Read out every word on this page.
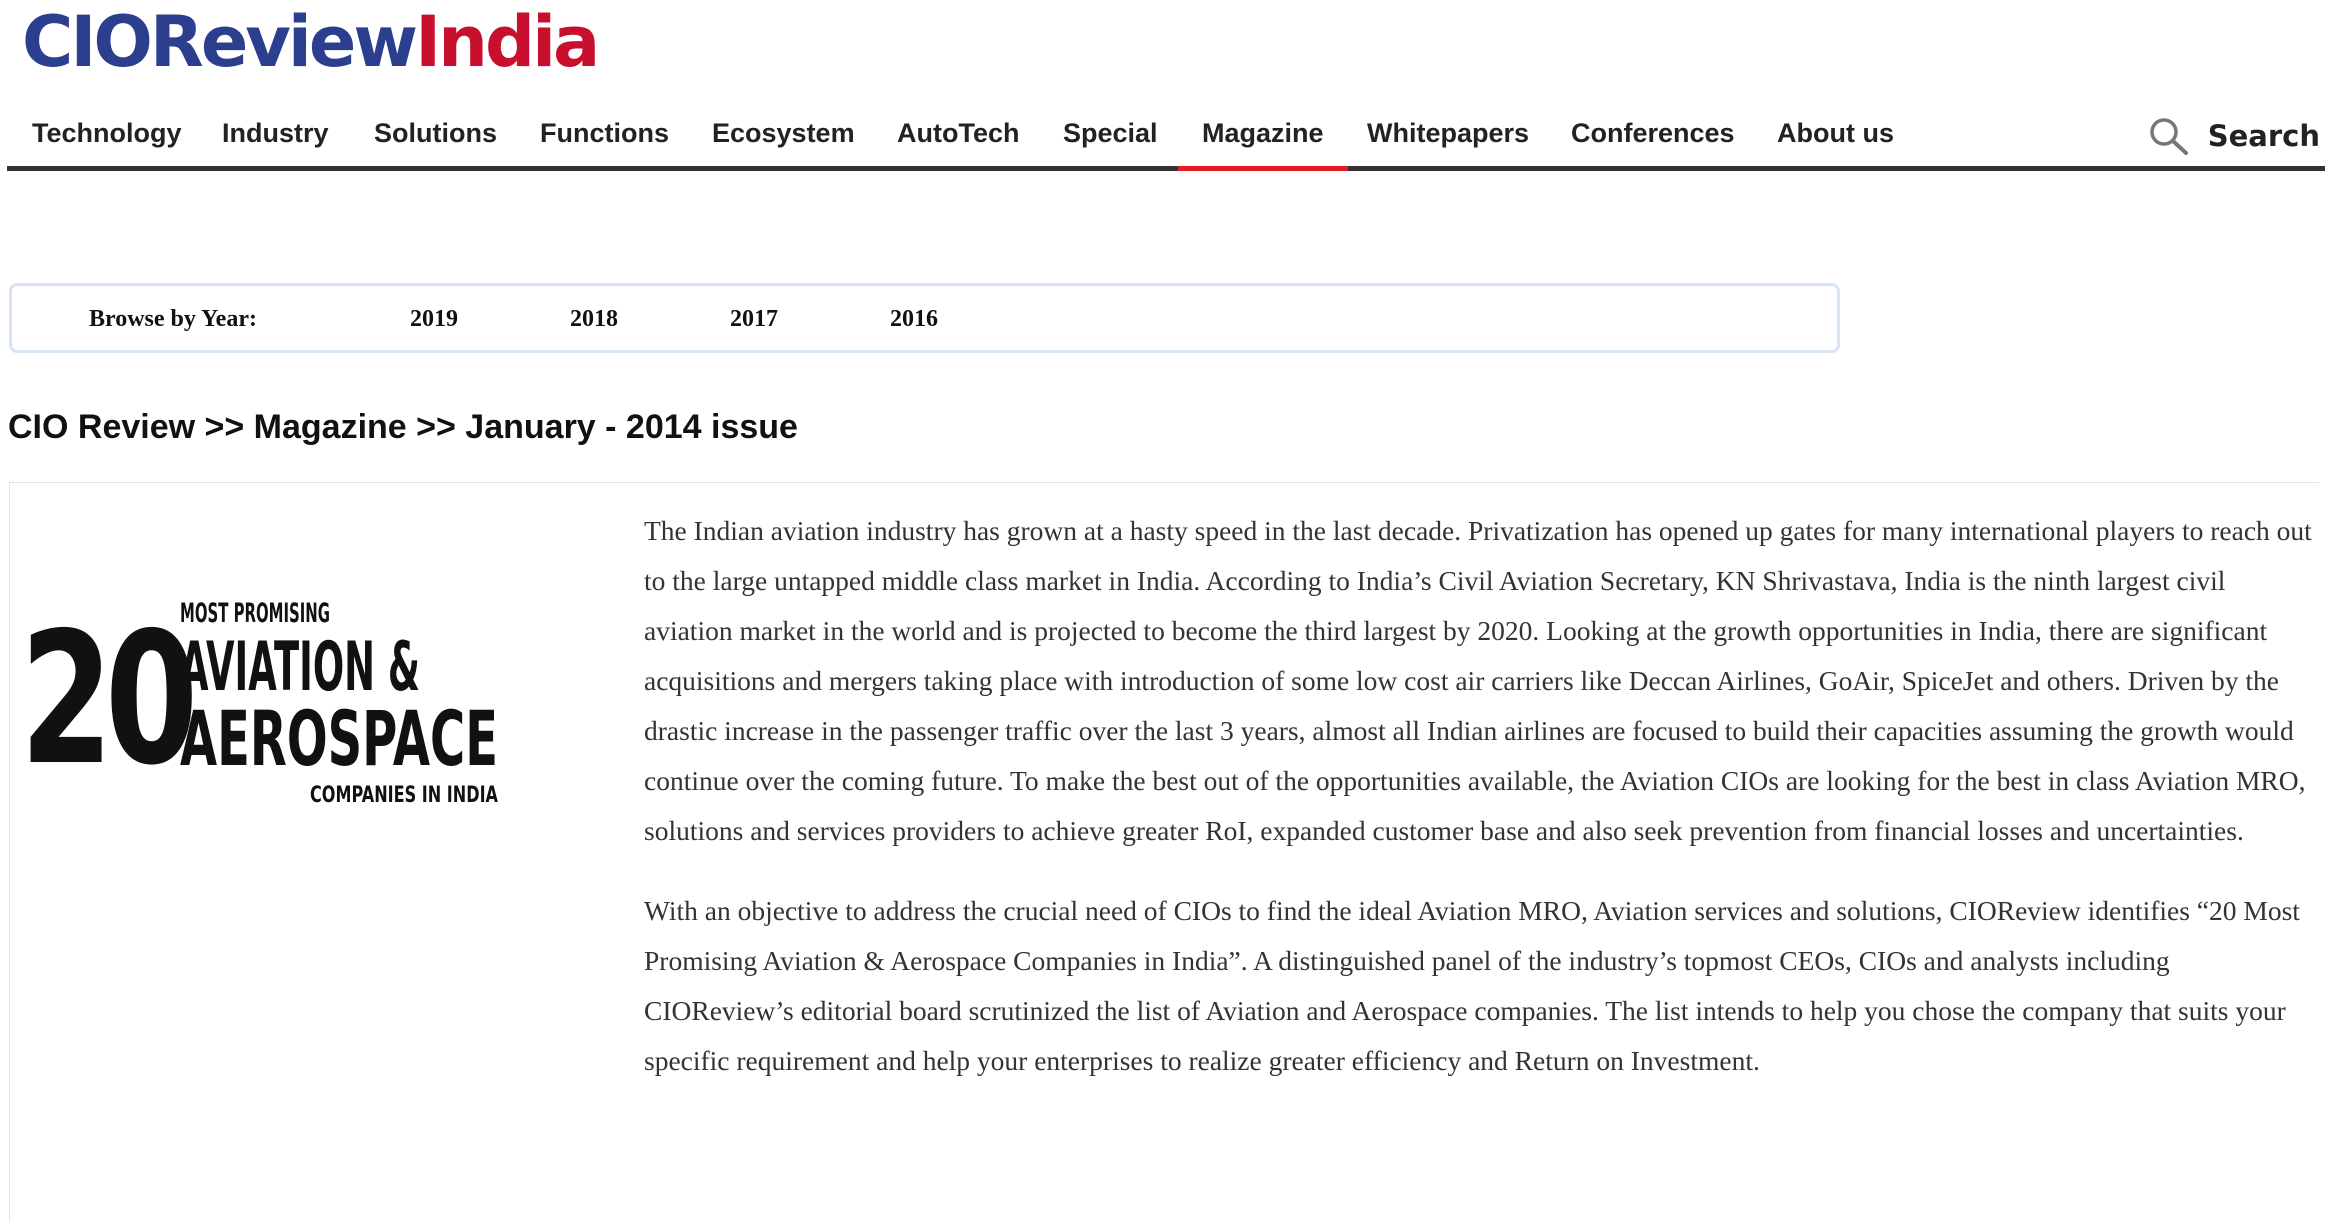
CIOReviewIndia
Technology Industry Solutions Functions Ecosystem AutoTech Special Magazine Whitepapers Conferences About us	Search
Browse by Year:	2019	2018	2017	2016
CIO Review >> Magazine >> January - 2014 issue
20
MOST PROMISING
AVIATION &
AEROSPACE
COMPANIES IN INDIA

The Indian aviation industry has grown at a hasty speed in the last decade. Privatization has opened up gates for many international players to reach out to the large untapped middle class market in India. According to India’s Civil Aviation Secretary, KN Shrivastava, India is the ninth largest civil aviation market in the world and is projected to become the third largest by 2020. Looking at the growth opportunities in India, there are significant acquisitions and mergers taking place with introduction of some low cost air carriers like Deccan Airlines, GoAir, SpiceJet and others. Driven by the drastic increase in the passenger traffic over the last 3 years, almost all Indian airlines are focused to build their capacities assuming the growth would continue over the coming future. To make the best out of the opportunities available, the Aviation CIOs are looking for the best in class Aviation MRO, solutions and services providers to achieve greater RoI, expanded customer base and also seek prevention from financial losses and uncertainties.

With an objective to address the crucial need of CIOs to find the ideal Aviation MRO, Aviation services and solutions, CIOReview identifies “20 Most Promising Aviation & Aerospace Companies in India”. A distinguished panel of the industry’s topmost CEOs, CIOs and analysts including CIOReview’s editorial board scrutinized the list of Aviation and Aerospace companies. The list intends to help you chose the company that suits your specific requirement and help your enterprises to realize greater efficiency and Return on Investment.
